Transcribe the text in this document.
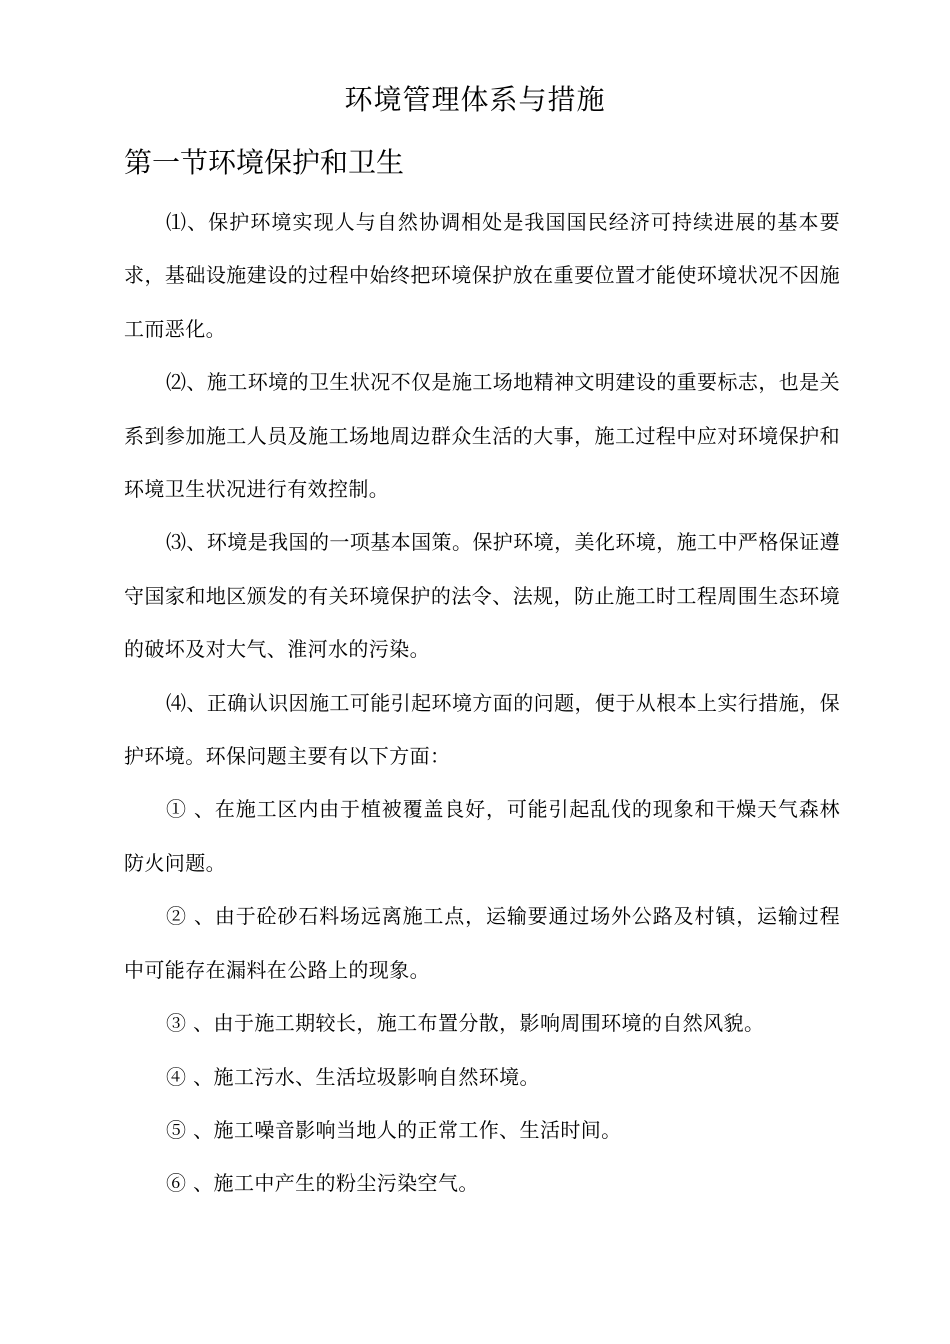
环境管理体系与措施
第一节环境保护和卫生

⑴、保护环境实现人与自然协调相处是我国国民经济可持续进展的基本要求，基础设施建设的过程中始终把环境保护放在重要位置才能使环境状况不因施工而恶化。

⑵、施工环境的卫生状况不仅是施工场地精神文明建设的重要标志，也是关系到参加施工人员及施工场地周边群众生活的大事，施工过程中应对环境保护和环境卫生状况进行有效控制。

⑶、环境是我国的一项基本国策。保护环境，美化环境，施工中严格保证遵守国家和地区颁发的有关环境保护的法令、法规，防止施工时工程周围生态环境的破坏及对大气、淮河水的污染。

⑷、正确认识因施工可能引起环境方面的问题，便于从根本上实行措施，保护环境。环保问题主要有以下方面：

① 、在施工区内由于植被覆盖良好，可能引起乱伐的现象和干燥天气森林防火问题。

② 、由于砼砂石料场远离施工点，运输要通过场外公路及村镇，运输过程中可能存在漏料在公路上的现象。

③ 、由于施工期较长，施工布置分散，影响周围环境的自然风貌。

④ 、施工污水、生活垃圾影响自然环境。

⑤ 、施工噪音影响当地人的正常工作、生活时间。

⑥ 、施工中产生的粉尘污染空气。
